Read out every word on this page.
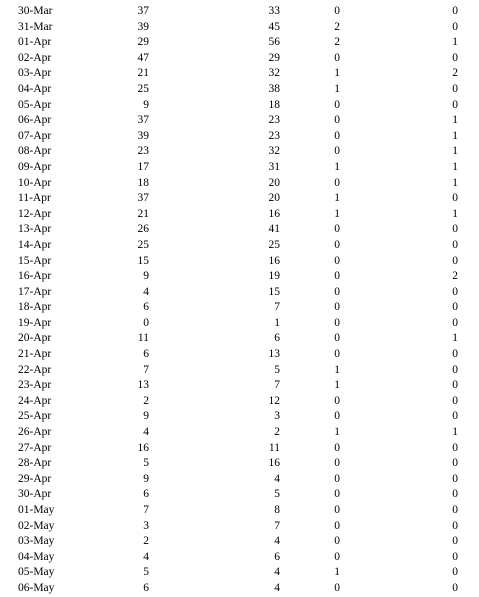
30-Mar	37	33	0	0
31-Mar	39	45	2	0
01-Apr	29	56	2	1
02-Apr	47	29	0	0
03-Apr	21	32	1	2
04-Apr	25	38	1	0
05-Apr	9	18	0	0
06-Apr	37	23	0	1
07-Apr	39	23	0	1
08-Apr	23	32	0	1
09-Apr	17	31	1	1
10-Apr	18	20	0	1
11-Apr	37	20	1	0
12-Apr	21	16	1	1
13-Apr	26	41	0	0
14-Apr	25	25	0	0
15-Apr	15	16	0	0
16-Apr	9	19	0	2
17-Apr	4	15	0	0
18-Apr	6	7	0	0
19-Apr	0	1	0	0
20-Apr	11	6	0	1
21-Apr	6	13	0	0
22-Apr	7	5	1	0
23-Apr	13	7	1	0
24-Apr	2	12	0	0
25-Apr	9	3	0	0
26-Apr	4	2	1	1
27-Apr	16	11	0	0
28-Apr	5	16	0	0
29-Apr	9	4	0	0
30-Apr	6	5	0	0
01-May	7	8	0	0
02-May	3	7	0	0
03-May	2	4	0	0
04-May	4	6	0	0
05-May	5	4	1	0
06-May	6	4	0	0
